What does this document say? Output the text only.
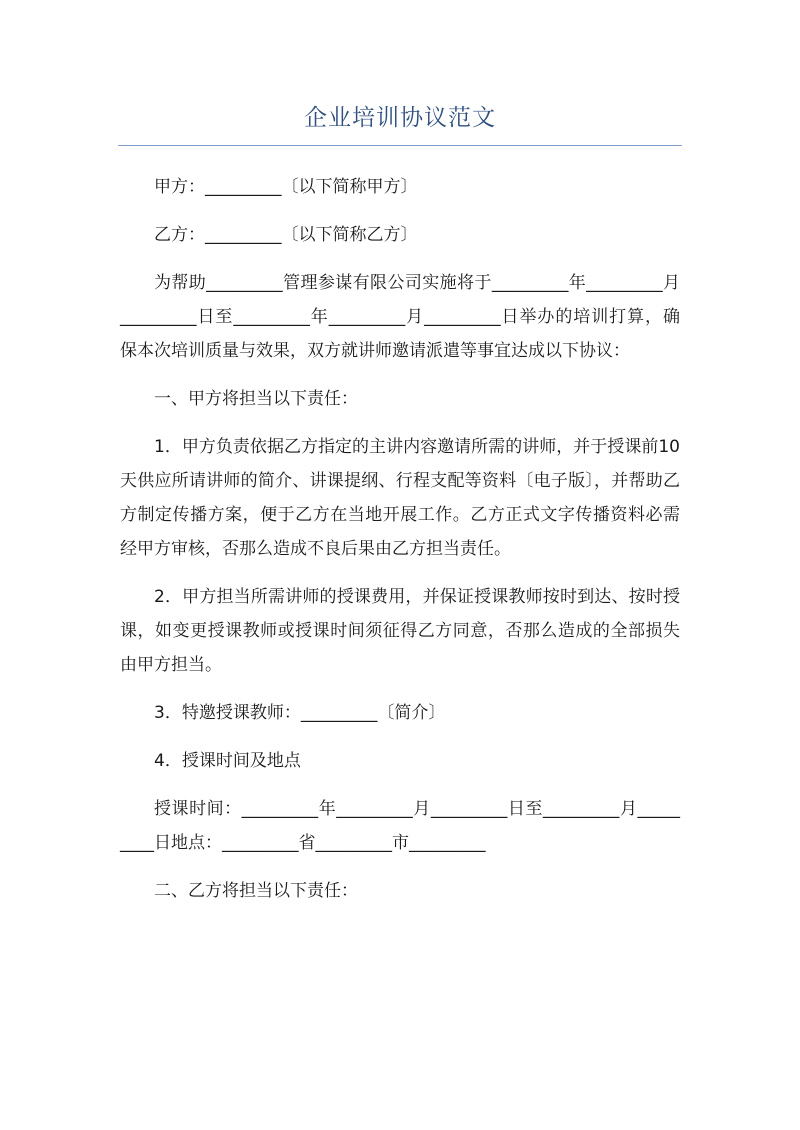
企业培训协议范文

甲方：_________〔以下简称甲方〕

乙方：_________〔以下简称乙方〕

为帮助_________管理参谋有限公司实施将于_________年_________月_________日至_________年_________月_________日举办的培训打算，确保本次培训质量与效果，双方就讲师邀请派遣等事宜达成以下协议：

一、甲方将担当以下责任：

1．甲方负责依据乙方指定的主讲内容邀请所需的讲师，并于授课前10天供应所请讲师的简介、讲课提纲、行程支配等资料〔电子版〕，并帮助乙方制定传播方案，便于乙方在当地开展工作。乙方正式文字传播资料必需经甲方审核，否那么造成不良后果由乙方担当责任。

2．甲方担当所需讲师的授课费用，并保证授课教师按时到达、按时授课，如变更授课教师或授课时间须征得乙方同意，否那么造成的全部损失由甲方担当。

3．特邀授课教师：_________〔简介〕

4．授课时间及地点

授课时间：_________年_________月_________日至_________月_________日地点：_________省_________市_________

二、乙方将担当以下责任：
